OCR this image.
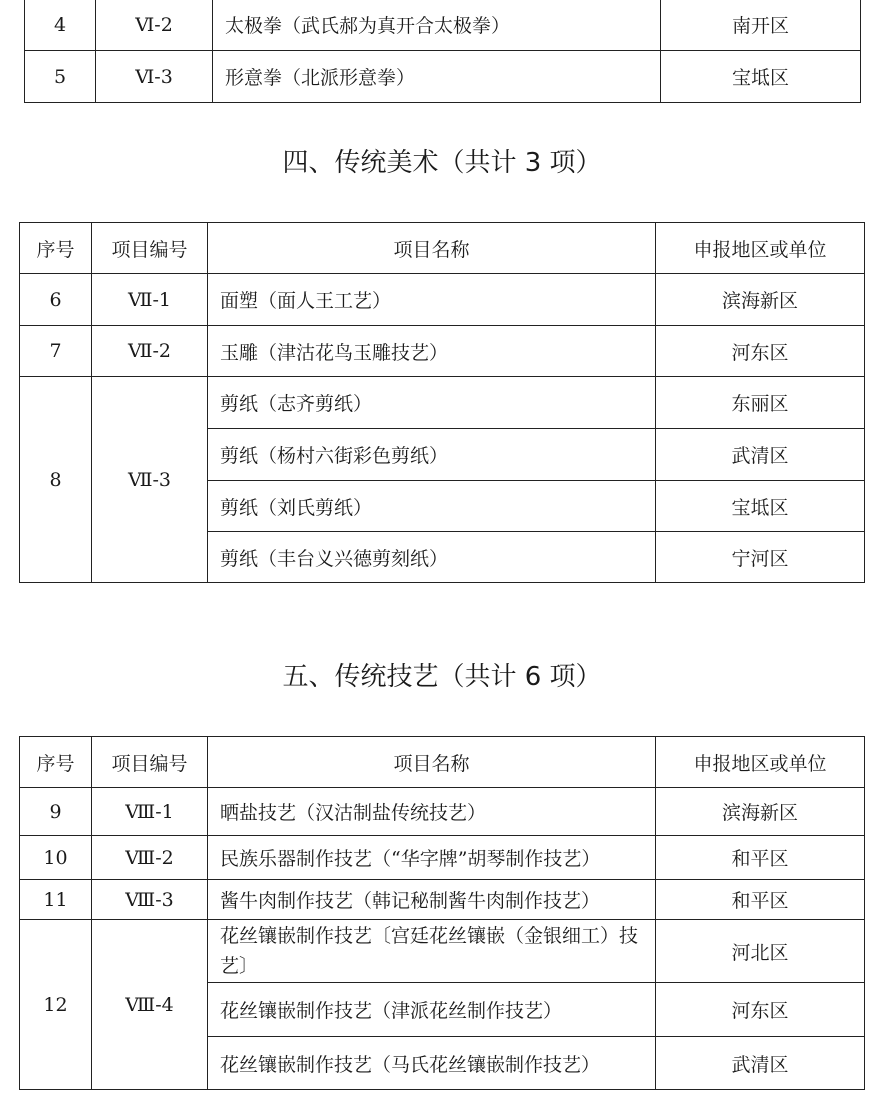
4	Ⅵ-2	太极拳（武氏郝为真开合太极拳）	南开区
5	Ⅵ-3	形意拳（北派形意拳）	宝坻区
四、传统美术（共计 3 项）
序号	项目编号	项目名称	申报地区或单位
6	Ⅶ-1	面塑（面人王工艺）	滨海新区
7	Ⅶ-2	玉雕（津沽花鸟玉雕技艺）	河东区
8	Ⅶ-3	剪纸（志齐剪纸）	东丽区
		剪纸（杨村六街彩色剪纸）	武清区
		剪纸（刘氏剪纸）	宝坻区
		剪纸（丰台义兴德剪刻纸）	宁河区
五、传统技艺（共计 6 项）
序号	项目编号	项目名称	申报地区或单位
9	Ⅷ-1	晒盐技艺（汉沽制盐传统技艺）	滨海新区
10	Ⅷ-2	民族乐器制作技艺（“华字牌”胡琴制作技艺）	和平区
11	Ⅷ-3	酱牛肉制作技艺（韩记秘制酱牛肉制作技艺）	和平区
12	Ⅷ-4	花丝镶嵌制作技艺〔宫廷花丝镶嵌（金银细工）技艺〕	河北区
		花丝镶嵌制作技艺（津派花丝制作技艺）	河东区
		花丝镶嵌制作技艺（马氏花丝镶嵌制作技艺）	武清区
